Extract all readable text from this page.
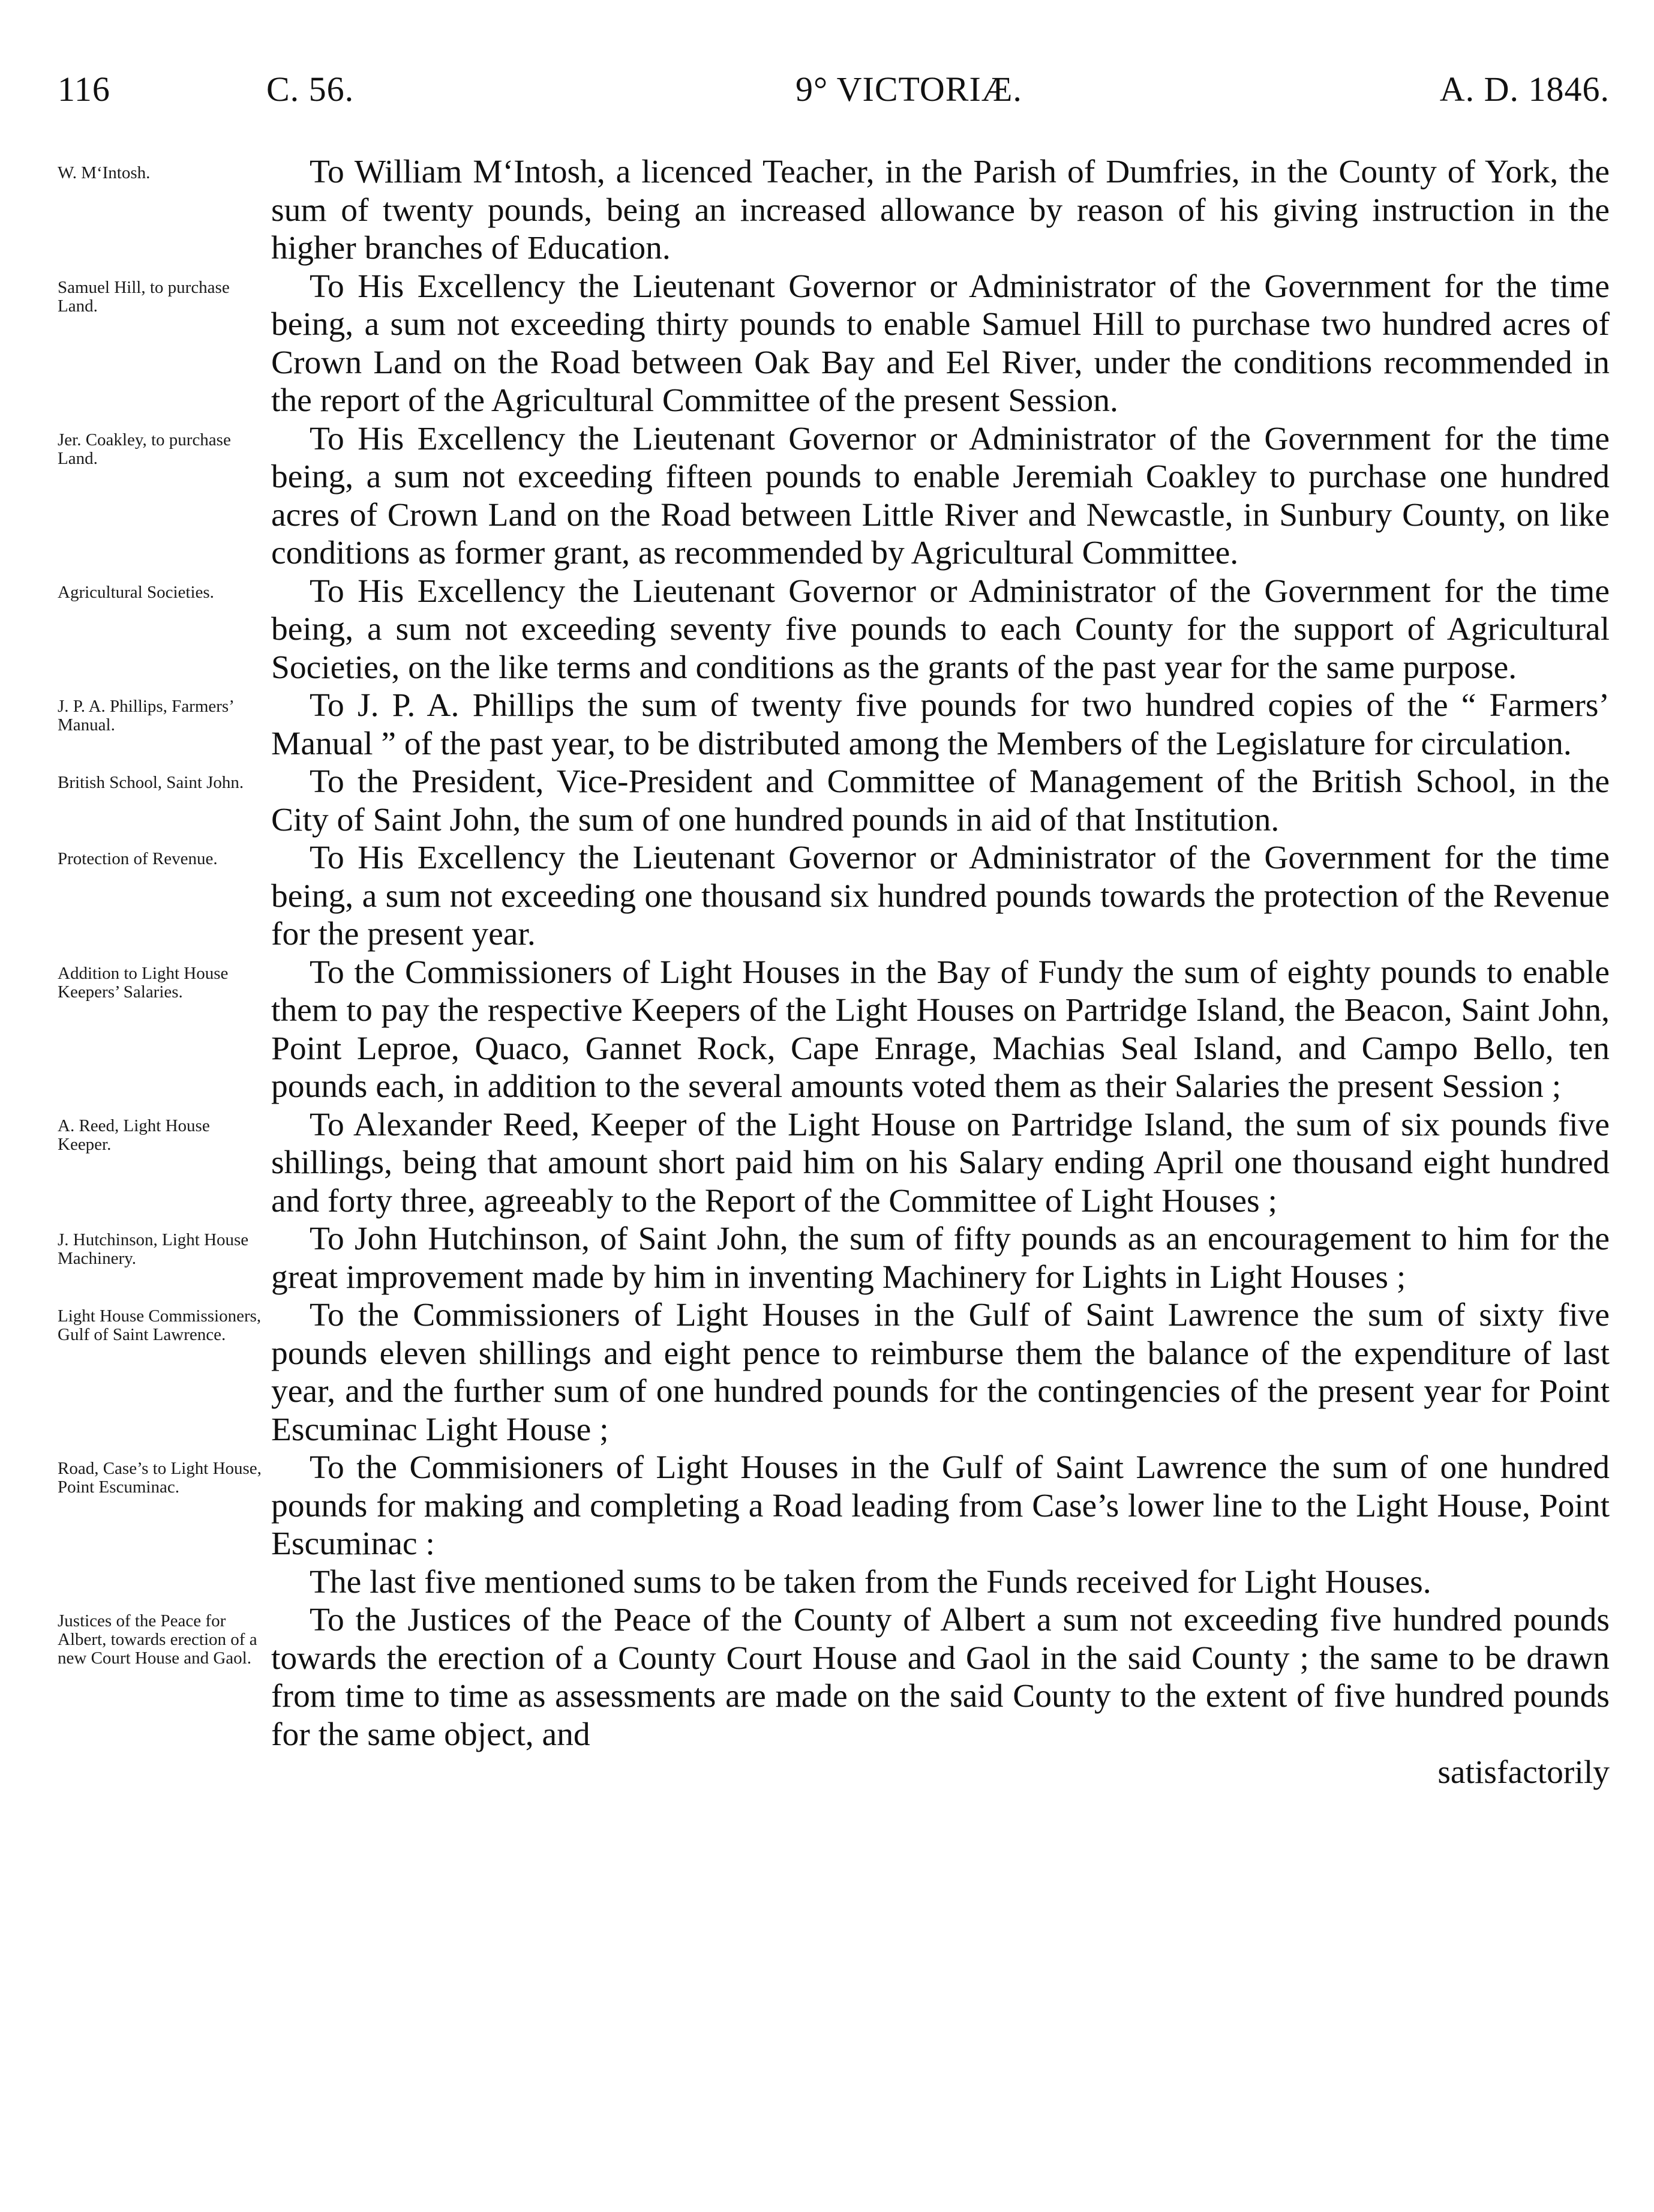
116	C. 56.	9° VICTORIÆ.	A. D. 1846.
W. M‘Intosh.	To William M‘Intosh, a licenced Teacher, in the Parish of Dumfries, in the County of York, the sum of twenty pounds, being an increased allowance by reason of his giving instruction in the higher branches of Education.
Samuel Hill, to purchase Land.
To His Excellency the Lieutenant Governor or Administrator of the Government for the time being, a sum not exceeding thirty pounds to enable Samuel Hill to purchase two hundred acres of Crown Land on the Road between Oak Bay and Eel River, under the conditions recommended in the report of the Agricultural Committee of the present Session.
Jer. Coakley, to purchase Land.
To His Excellency the Lieutenant Governor or Administrator of the Government for the time being, a sum not exceeding fifteen pounds to enable Jeremiah Coakley to purchase one hundred acres of Crown Land on the Road between Little River and Newcastle, in Sunbury County, on like conditions as former grant, as recommended by Agricultural Committee.
Agricultural Societies.	To His Excellency the Lieutenant Governor or Administrator of the Government for the time being, a sum not exceeding seventy five pounds to each County for the support of Agricultural Societies, on the like terms and conditions as the grants of the past year for the same purpose.
J. P. A. Phillips, Farmers’ Manual.
To J. P. A. Phillips the sum of twenty five pounds for two hundred copies of the “ Farmers’ Manual ” of the past year, to be distributed among the Members of the Legislature for circulation.
British School, Saint John.	To the President, Vice-President and Committee of Management of the British School, in the City of Saint John, the sum of one hundred pounds in aid of that Institution.
Protection of Revenue.	To His Excellency the Lieutenant Governor or Administrator of the Government for the time being, a sum not exceeding one thousand six hundred pounds towards the protection of the Revenue for the present year.
Addition to Light House Keepers’ Salaries.
To the Commissioners of Light Houses in the Bay of Fundy the sum of eighty pounds to enable them to pay the respective Keepers of the Light Houses on Partridge Island, the Beacon, Saint John, Point Leproe, Quaco, Gannet Rock, Cape Enrage, Machias Seal Island, and Campo Bello, ten pounds each, in addition to the several amounts voted them as their Salaries the present Session ;
A. Reed, Light House Keeper.
To Alexander Reed, Keeper of the Light House on Partridge Island, the sum of six pounds five shillings, being that amount short paid him on his Salary ending April one thousand eight hundred and forty three, agreeably to the Report of the Committee of Light Houses ;
J. Hutchinson, Light House Machinery.
To John Hutchinson, of Saint John, the sum of fifty pounds as an encouragement to him for the great improvement made by him in inventing Machinery for Lights in Light Houses ;
Light House Commissioners, Gulf of Saint Lawrence.
To the Commissioners of Light Houses in the Gulf of Saint Lawrence the sum of sixty five pounds eleven shillings and eight pence to reimburse them the balance of the expenditure of last year, and the further sum of one hundred pounds for the contingencies of the present year for Point Escuminac Light House ;
Road, Case’s to Light House, Point Escuminac.
To the Commisioners of Light Houses in the Gulf of Saint Lawrence the sum of one hundred pounds for making and completing a Road leading from Case’s lower line to the Light House, Point Escuminac :
The last five mentioned sums to be taken from the Funds received for Light Houses.
Justices of the Peace for Albert, towards erection of a new Court House and Gaol.
To the Justices of the Peace of the County of Albert a sum not exceeding five hundred pounds towards the erection of a County Court House and Gaol in the said County ; the same to be drawn from time to time as assessments are made on the said County to the extent of five hundred pounds for the same object, and
satisfactorily
